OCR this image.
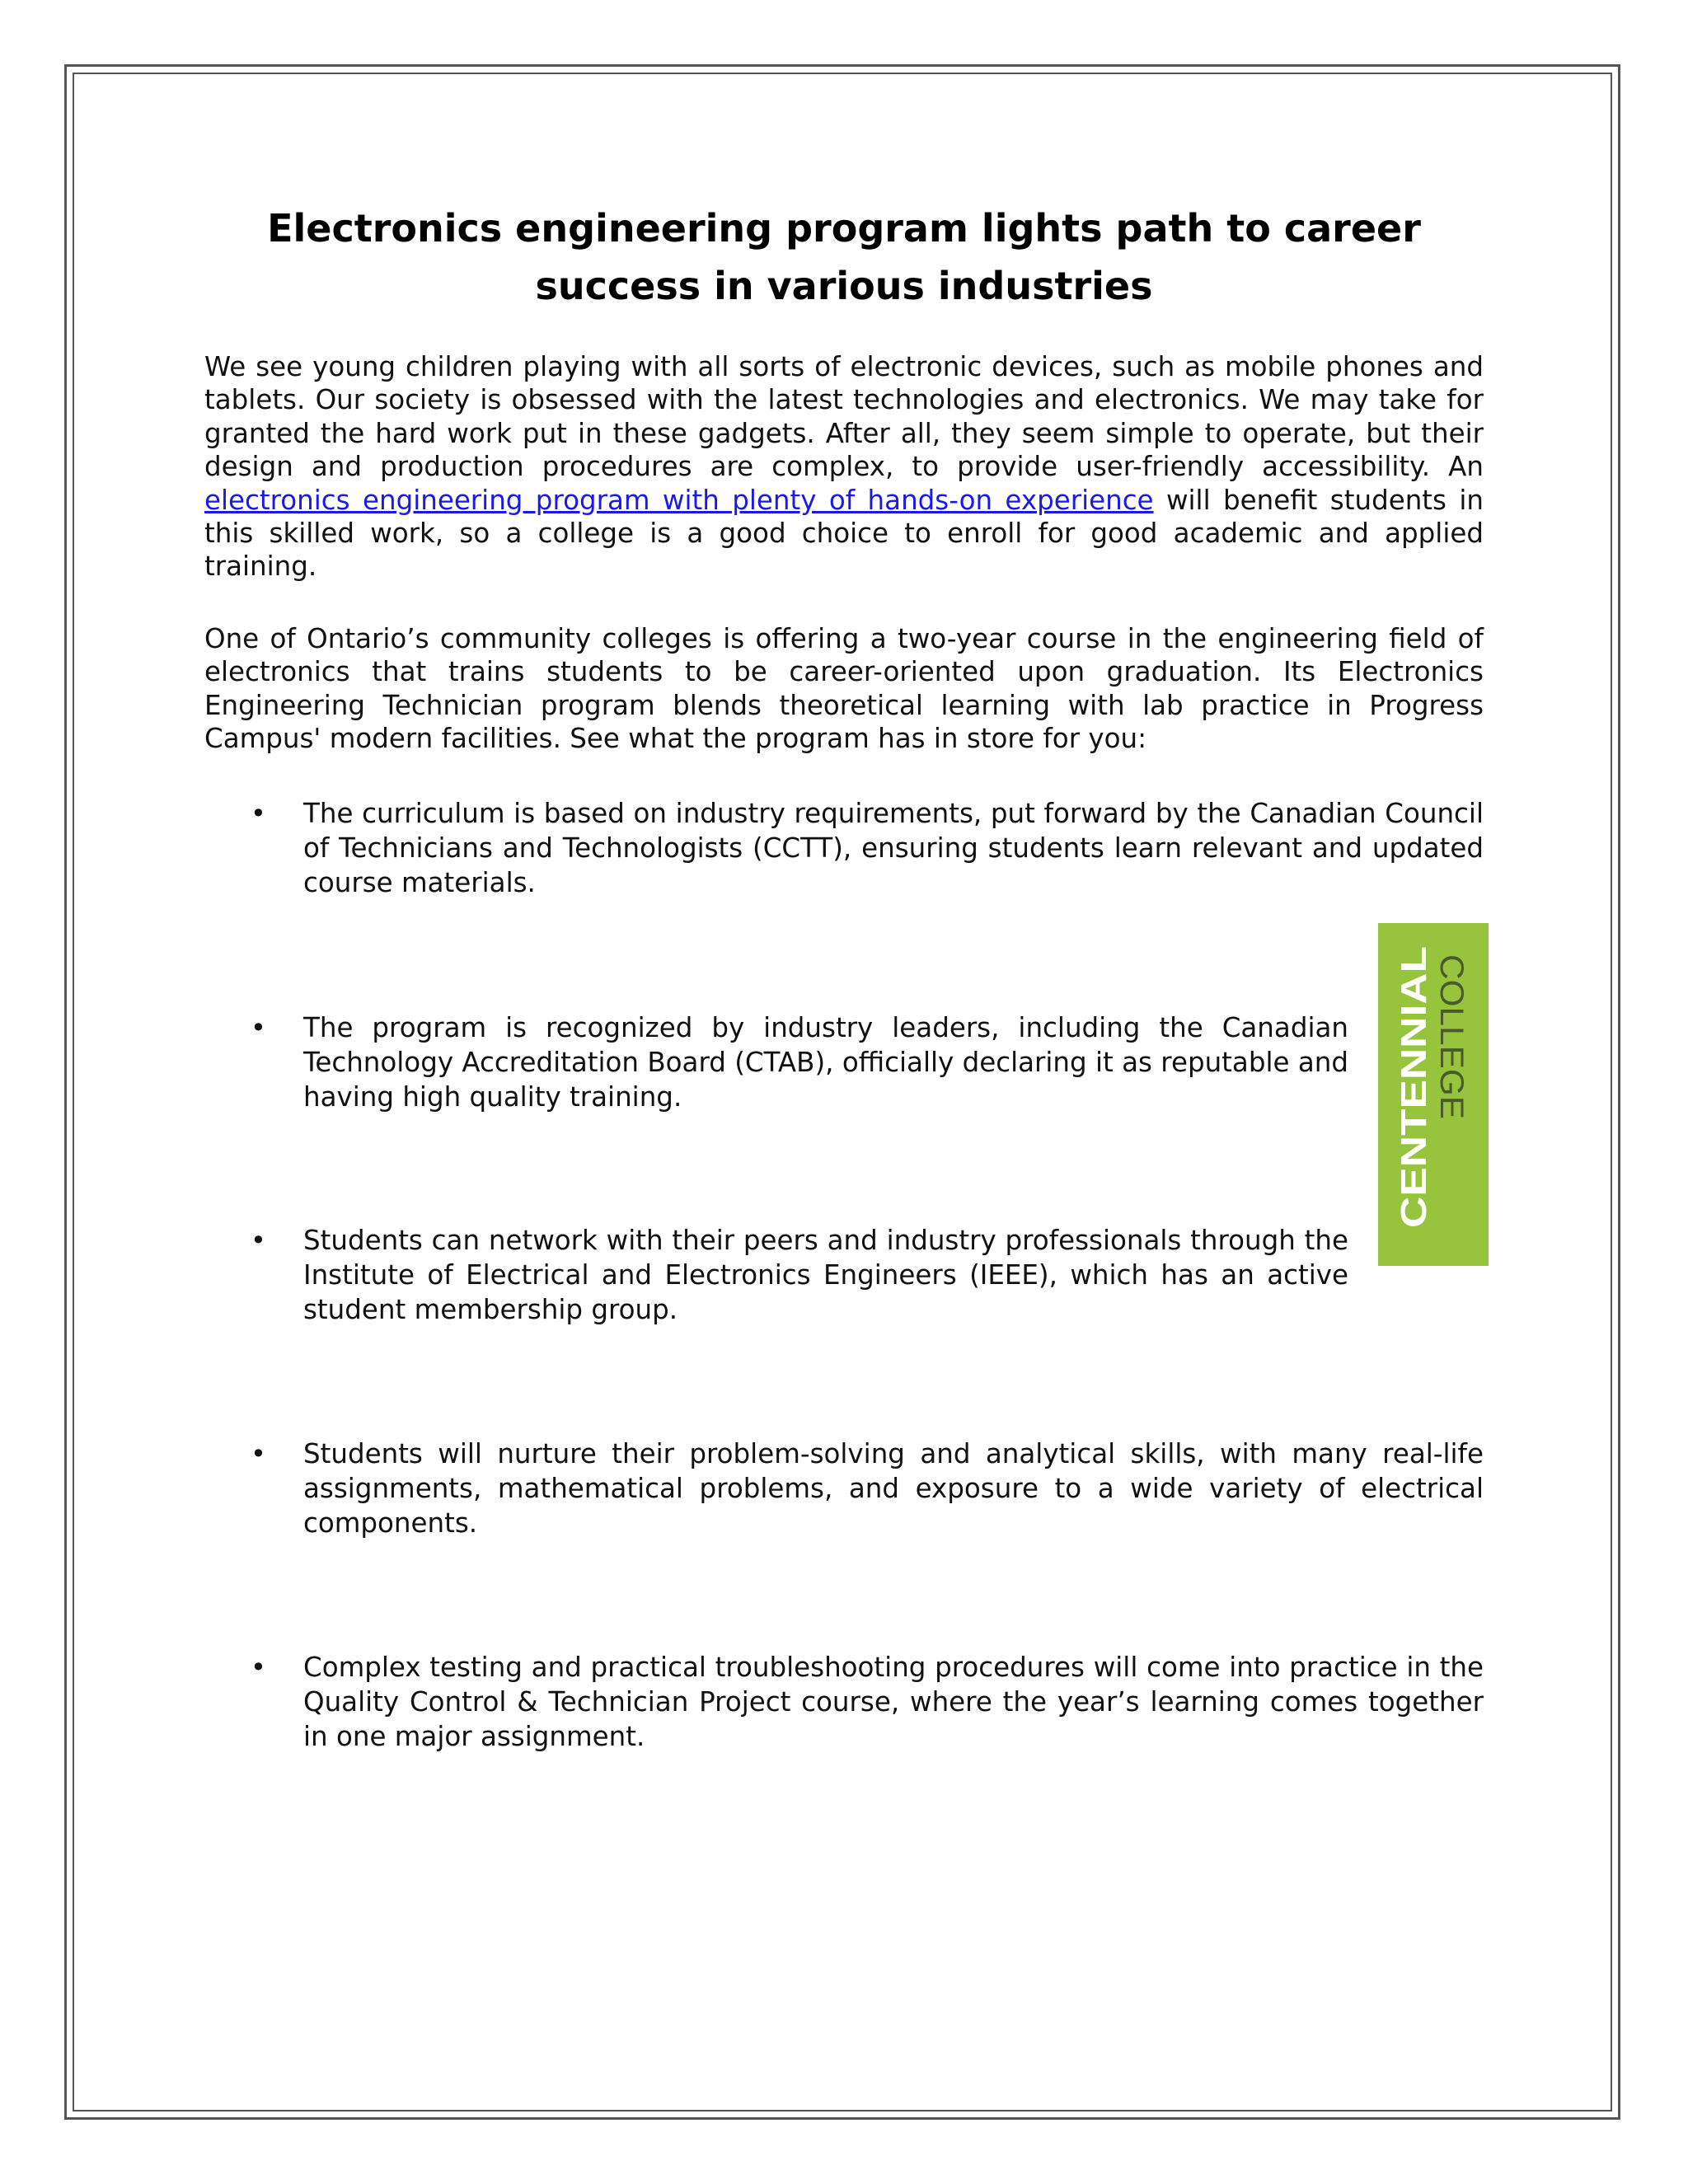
Electronics engineering program lights path to career success in various industries

We see young children playing with all sorts of electronic devices, such as mobile phones and tablets. Our society is obsessed with the latest technologies and electronics. We may take for granted the hard work put in these gadgets. After all, they seem simple to operate, but their design and production procedures are complex, to provide user-friendly accessibility. An electronics engineering program with plenty of hands-on experience will benefit students in this skilled work, so a college is a good choice to enroll for good academic and applied training.

One of Ontario’s community colleges is offering a two-year course in the engineering field of electronics that trains students to be career-oriented upon graduation. Its Electronics Engineering Technician program blends theoretical learning with lab practice in Progress Campus' modern facilities. See what the program has in store for you:

• The curriculum is based on industry requirements, put forward by the Canadian Council of Technicians and Technologists (CCTT), ensuring students learn relevant and updated course materials.
• The program is recognized by industry leaders, including the Canadian Technology Accreditation Board (CTAB), officially declaring it as reputable and having high quality training.
• Students can network with their peers and industry professionals through the Institute of Electrical and Electronics Engineers (IEEE), which has an active student membership group.
• Students will nurture their problem-solving and analytical skills, with many real-life assignments, mathematical problems, and exposure to a wide variety of electrical components.
• Complex testing and practical troubleshooting procedures will come into practice in the Quality Control & Technician Project course, where the year’s learning comes together in one major assignment.
CENTENNIAL COLLEGE
